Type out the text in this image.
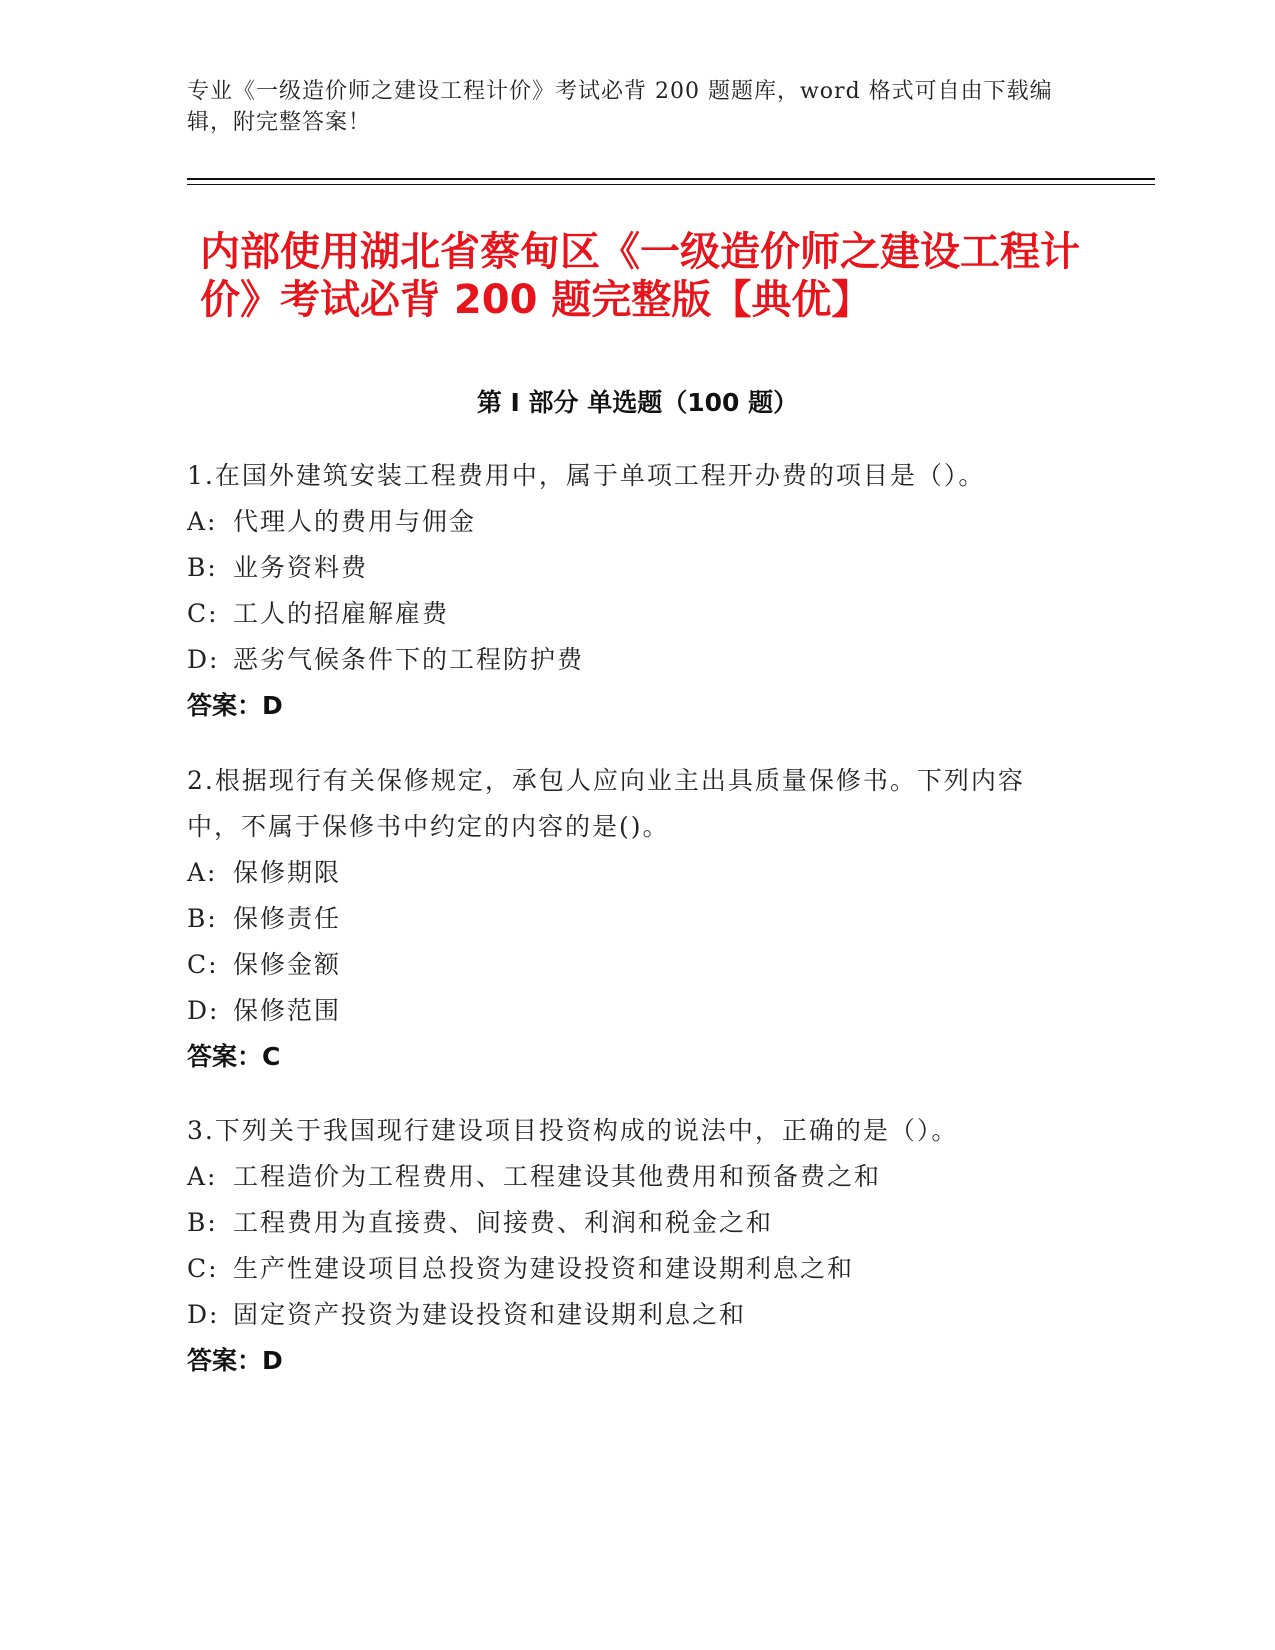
专业《一级造价师之建设工程计价》考试必背 200 题题库，word 格式可自由下载编辑，附完整答案！
内部使用湖北省蔡甸区《一级造价师之建设工程计价》考试必背 200 题完整版【典优】
第 I 部分 单选题（100 题）
1.在国外建筑安装工程费用中，属于单项工程开办费的项目是（）。
A: 代理人的费用与佣金
B: 业务资料费
C: 工人的招雇解雇费
D: 恶劣气候条件下的工程防护费
答案：D
2.根据现行有关保修规定，承包人应向业主出具质量保修书。下列内容中，不属于保修书中约定的内容的是()。
A: 保修期限
B: 保修责任
C: 保修金额
D: 保修范围
答案：C
3.下列关于我国现行建设项目投资构成的说法中，正确的是（）。
A: 工程造价为工程费用、工程建设其他费用和预备费之和
B: 工程费用为直接费、间接费、利润和税金之和
C: 生产性建设项目总投资为建设投资和建设期利息之和
D: 固定资产投资为建设投资和建设期利息之和
答案：D
